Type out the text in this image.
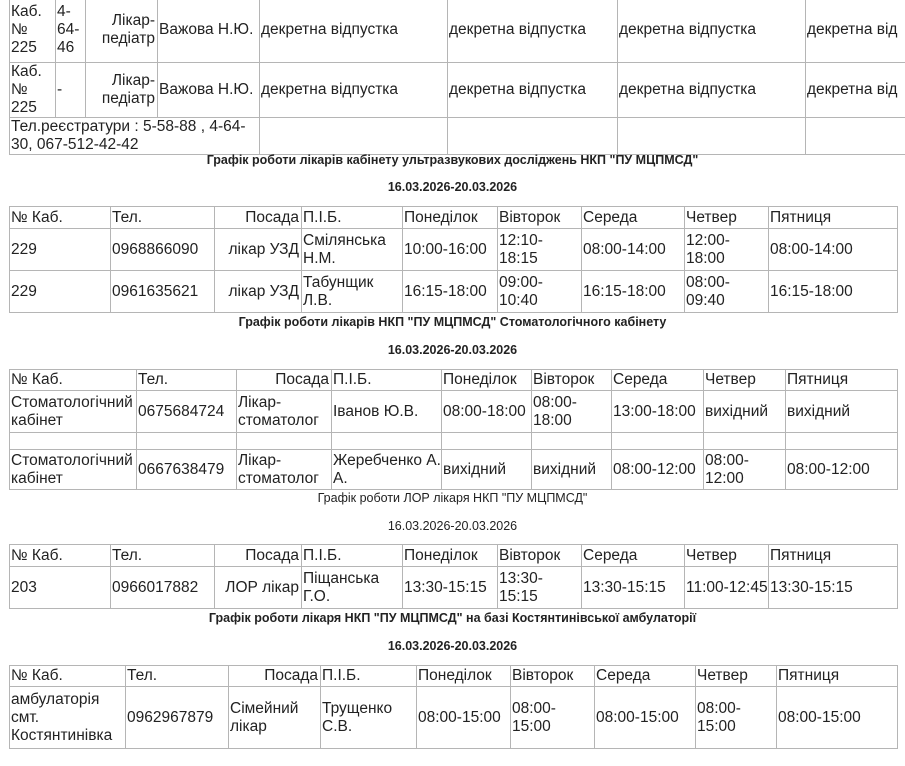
Каб. № 225	4-64-46	Лікар-педіатр	Важова Н.Ю.	декретна відпустка	декретна відпустка	декретна відпустка	декретна від
Каб. № 225	-	Лікар-педіатр	Важова Н.Ю.	декретна відпустка	декретна відпустка	декретна відпустка	декретна від
Тел.реєстратури : 5-58-88 , 4-64-30, 067-512-42-42							
Графік роботи лікарів кабінету ультразвукових досліджень НКП "ПУ МЦПМСД"
16.03.2026-20.03.2026
№ Каб.	Тел.	Посада	П.І.Б.	Понеділок	Вівторок	Середа	Четвер	Пятниця
229	0968866090	лікар УЗД	Смілянська Н.М.	10:00-16:00	12:10-18:15	08:00-14:00	12:00-18:00	08:00-14:00
229	0961635621	лікар УЗД	Табунщик Л.В.	16:15-18:00	09:00-10:40	16:15-18:00	08:00-09:40	16:15-18:00
Графік роботи лікарів НКП "ПУ МЦПМСД" Стоматологічного кабінету
16.03.2026-20.03.2026
№ Каб.	Тел.	Посада	П.І.Б.	Понеділок	Вівторок	Середа	Четвер	Пятниця
Стоматологічний кабінет	0675684724	Лікар-стоматолог	Іванов Ю.В.	08:00-18:00	08:00-18:00	13:00-18:00	вихідний	вихідний

Стоматологічний кабінет	0667638479	Лікар-стоматолог	Жеребченко А. А.	вихідний	вихідний	08:00-12:00	08:00-12:00	08:00-12:00
Графік роботи ЛОР лікаря НКП "ПУ МЦПМСД"
16.03.2026-20.03.2026
№ Каб.	Тел.	Посада	П.І.Б.	Понеділок	Вівторок	Середа	Четвер	Пятниця
203	0966017882	ЛОР лікар	Піщанська Г.О.	13:30-15:15	13:30-15:15	13:30-15:15	11:00-12:45	13:30-15:15
Графік роботи лікаря НКП "ПУ МЦПМСД" на базі Костянтинівської амбулаторії
16.03.2026-20.03.2026
№ Каб.	Тел.	Посада	П.І.Б.	Понеділок	Вівторок	Середа	Четвер	Пятниця
амбулаторія смт. Костянтинівка	0962967879	Сімейний лікар	Трущенко С.В.	08:00-15:00	08:00-15:00	08:00-15:00	08:00-15:00	08:00-15:00
